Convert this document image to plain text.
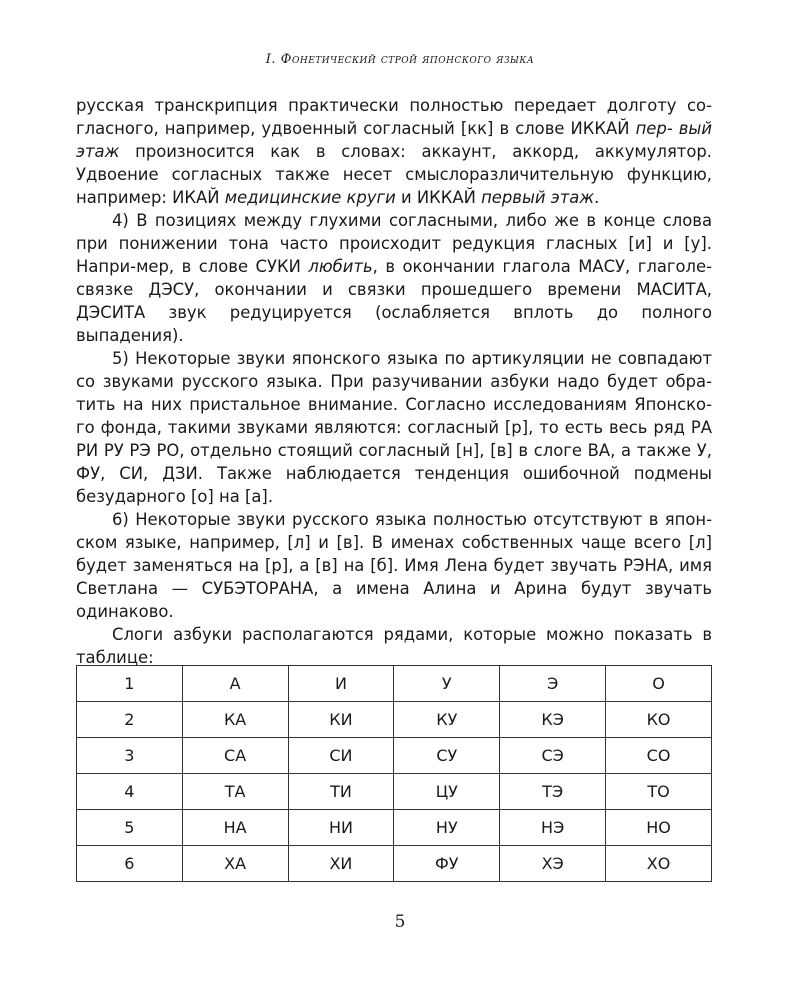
I. Фонетический строй японского языка

русская транскрипция практически полностью передает долготу со-гласного, например, удвоенный согласный [кк] в слове ИККАЙ пер- вый этаж произносится как в словах: аккаунт, аккорд, аккумулятор. Удвоение согласных также несет смыслоразличительную функцию, например: ИКАЙ медицинские круги и ИККАЙ первый этаж.

4) В позициях между глухими согласными, либо же в конце слова при понижении тона часто происходит редукция гласных [и] и [у]. Напри-мер, в слове СУКИ любить, в окончании глагола МАСУ, глаголе-связке ДЭСУ, окончании и связки прошедшего времени МАСИТА, ДЭСИТА звук редуцируется (ослабляется вплоть до полного выпадения).

5) Некоторые звуки японского языка по артикуляции не совпадают со звуками русского языка. При разучивании азбуки надо будет обра-тить на них пристальное внимание. Согласно исследованиям Японско-го фонда, такими звуками являются: согласный [р], то есть весь ряд РА РИ РУ РЭ РО, отдельно стоящий согласный [н], [в] в слоге ВА, а также У, ФУ, СИ, ДЗИ. Также наблюдается тенденция ошибочной подмены безударного [о] на [а].

6) Некоторые звуки русского языка полностью отсутствуют в япон-ском языке, например, [л] и [в]. В именах собственных чаще всего [л] будет заменяться на [р], а [в] на [б]. Имя Лена будет звучать РЭНА, имя Светлана — СУБЭТОРАНА, а имена Алина и Арина будут звучать одинаково.

Слоги азбуки располагаются рядами, которые можно показать в таблице:

1	А	И	У	Э	О
2	КА	КИ	КУ	КЭ	КО
3	СА	СИ	СУ	СЭ	СО
4	ТА	ТИ	ЦУ	ТЭ	ТО
5	НА	НИ	НУ	НЭ	НО
6	ХА	ХИ	ФУ	ХЭ	ХО
5
